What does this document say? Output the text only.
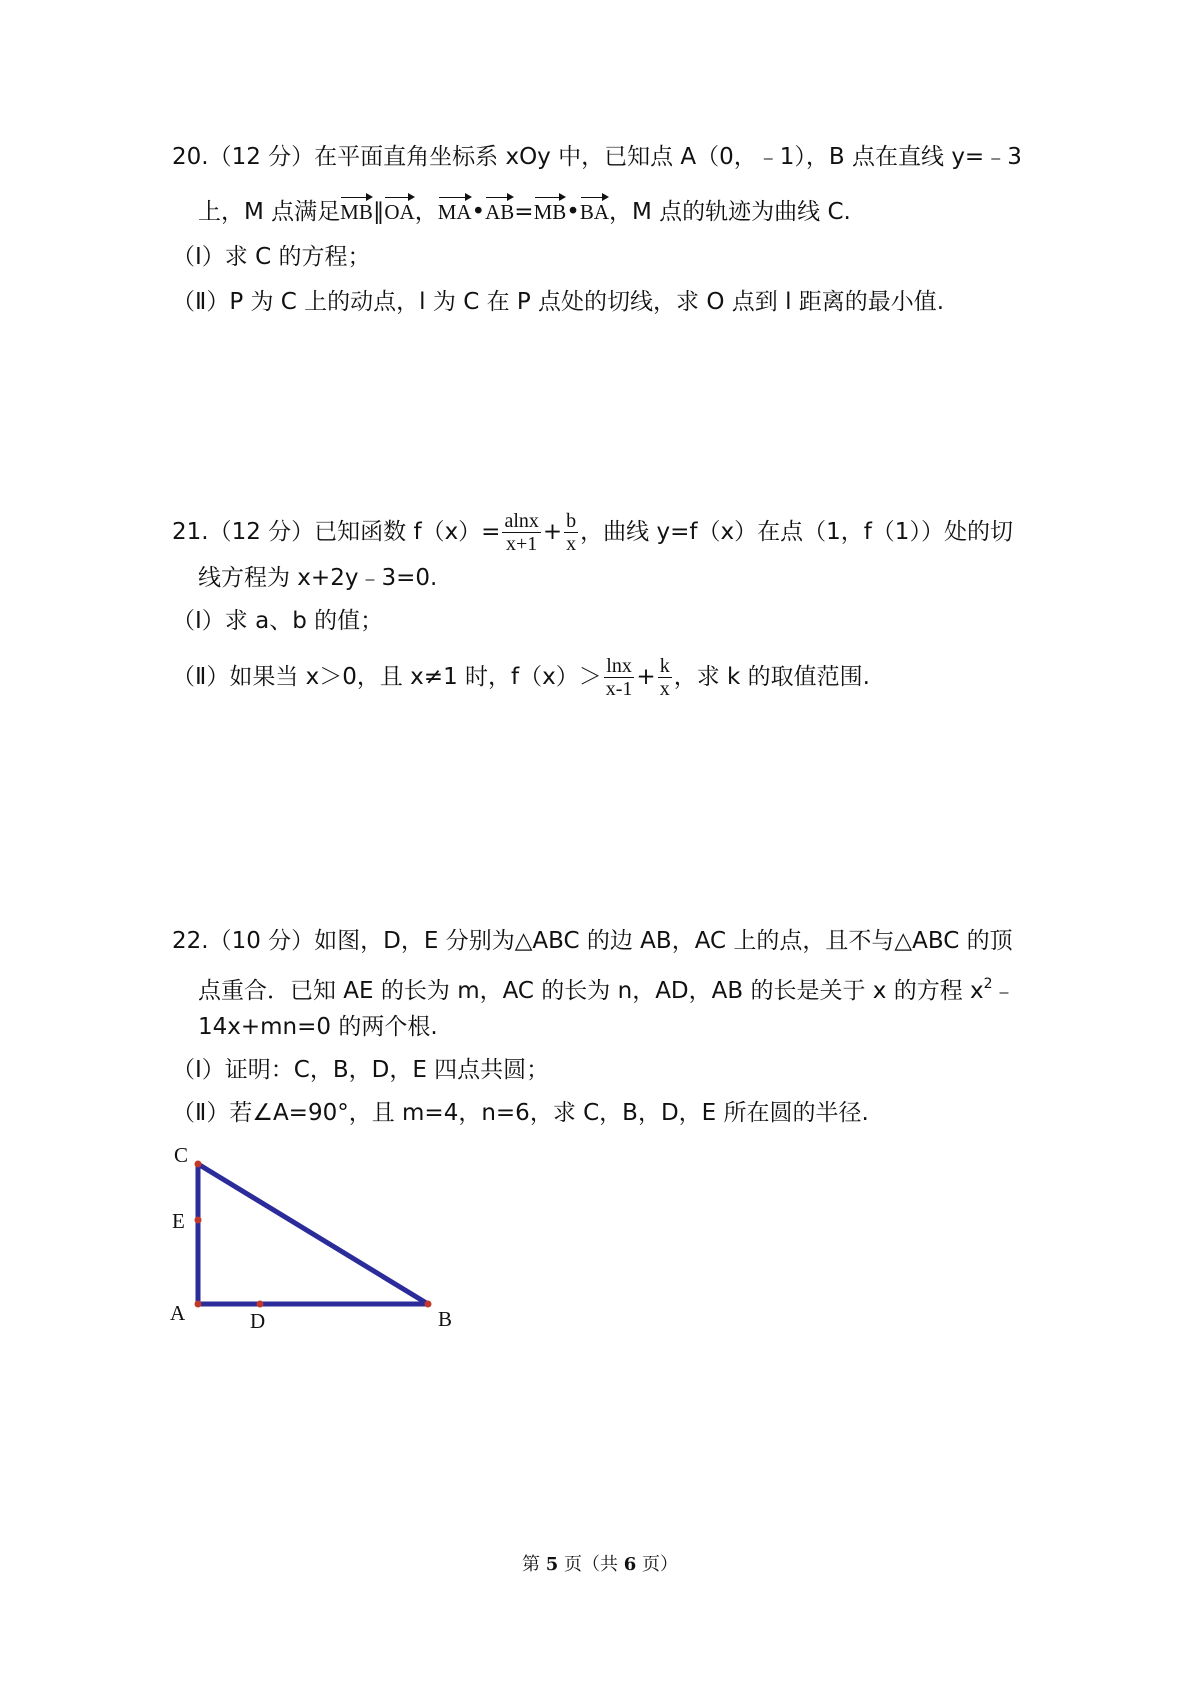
20.（12 分）在平面直角坐标系 xOy 中，已知点 A（0，﹣1），B 点在直线 y=﹣3
上，M 点满足MB∥OA，MA•AB=MB•BA，M 点的轨迹为曲线 C.
（Ⅰ）求 C 的方程；
（Ⅱ）P 为 C 上的动点，l 为 C 在 P 点处的切线，求 O 点到 l 距离的最小值.
21.（12 分）已知函数 $f(x)= \frac{alnx}{x+1} + \frac{b}{x}$ ，曲线 y=f（x）在点（1，f（1））处的切
线方程为 x+2y﹣3=0.
（Ⅰ）求 a、b 的值；
（Ⅱ）如果当 x＞0，且 x≠1 时，$f(x)> \frac{\ln x}{x-1} + \frac{k}{x}$ ，求 k 的取值范围.
22.（10 分）如图，D，E 分别为△ABC 的边 AB，AC 上的点，且不与△ABC 的顶
点重合．已知 AE 的长为 m，AC 的长为 n，AD，AB 的长是关于 x 的方程 $x^2﹣$
14x+mn=0 的两个根.
（Ⅰ）证明：C，B，D，E 四点共圆；
（Ⅱ）若∠A=90°，且 m=4，n=6，求 C，B，D，E 所在圆的半径.
C
E
A	D	B
第 5 页（共 6 页）
